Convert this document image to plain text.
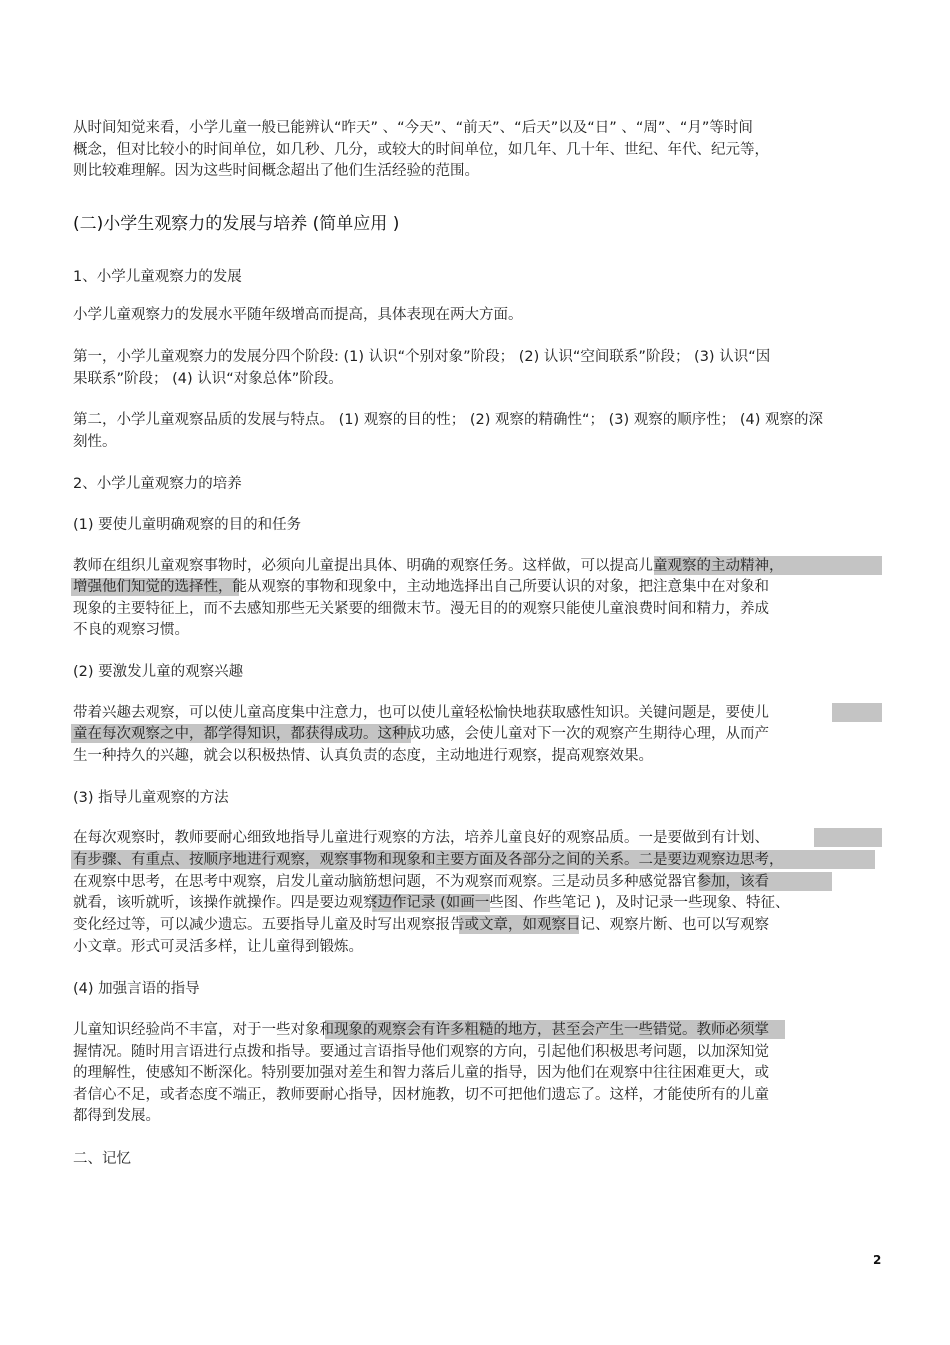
从时间知觉来看，小学儿童一般已能辨认“昨天” 、“今天”、“前天”、“后天”以及“日” 、“周”、“月”等时间
概念，但对比较小的时间单位，如几秒、几分，或较大的时间单位，如几年、几十年、世纪、年代、纪元等，
则比较难理解。因为这些时间概念超出了他们生活经验的范围。
(二)小学生观察力的发展与培养 (简单应用 )
1、小学儿童观察力的发展
小学儿童观察力的发展水平随年级增高而提高，具体表现在两大方面。
第一，小学儿童观察力的发展分四个阶段: (1) 认识“个别对象”阶段； (2) 认识“空间联系”阶段； (3) 认识“因
果联系”阶段； (4) 认识“对象总体”阶段。
第二，小学儿童观察品质的发展与特点。 (1) 观察的目的性； (2) 观察的精确性“； (3) 观察的顺序性； (4) 观察的深
刻性。
2、小学儿童观察力的培养
(1) 要使儿童明确观察的目的和任务
教师在组织儿童观察事物时，必须向儿童提出具体、明确的观察任务。这样做，可以提高儿童观察的主动精神，
增强他们知觉的选择性，能从观察的事物和现象中，主动地选择出自己所要认识的对象，把注意集中在对象和
现象的主要特征上，而不去感知那些无关紧要的细微末节。漫无目的的观察只能使儿童浪费时间和精力，养成
不良的观察习惯。
(2) 要激发儿童的观察兴趣
带着兴趣去观察，可以使儿童高度集中注意力，也可以使儿童轻松愉快地获取感性知识。关键问题是，要使儿
童在每次观察之中，都学得知识，都获得成功。这种成功感，会使儿童对下一次的观察产生期待心理，从而产
生一种持久的兴趣，就会以积极热情、认真负责的态度，主动地进行观察，提高观察效果。
(3) 指导儿童观察的方法
在每次观察时，教师要耐心细致地指导儿童进行观察的方法，培养儿童良好的观察品质。一是要做到有计划、
有步骤、有重点、按顺序地进行观察，观察事物和现象和主要方面及各部分之间的关系。二是要边观察边思考，
在观察中思考，在思考中观察，启发儿童动脑筋想问题，不为观察而观察。三是动员多种感觉器官参加，该看
就看，该听就听，该操作就操作。四是要边观察边作记录 (如画一些图、作些笔记 )，及时记录一些现象、特征、
变化经过等，可以减少遗忘。五要指导儿童及时写出观察报告或文章，如观察日记、观察片断、也可以写观察
小文章。形式可灵活多样，让儿童得到锻炼。
(4) 加强言语的指导
儿童知识经验尚不丰富，对于一些对象和现象的观察会有许多粗糙的地方，甚至会产生一些错觉。教师必须掌
握情况。随时用言语进行点拨和指导。要通过言语指导他们观察的方向，引起他们积极思考问题，以加深知觉
的理解性，使感知不断深化。特别要加强对差生和智力落后儿童的指导，因为他们在观察中往往困难更大，或
者信心不足，或者态度不端正，教师要耐心指导，因材施教，切不可把他们遗忘了。这样，才能使所有的儿童
都得到发展。
二、记忆
2
